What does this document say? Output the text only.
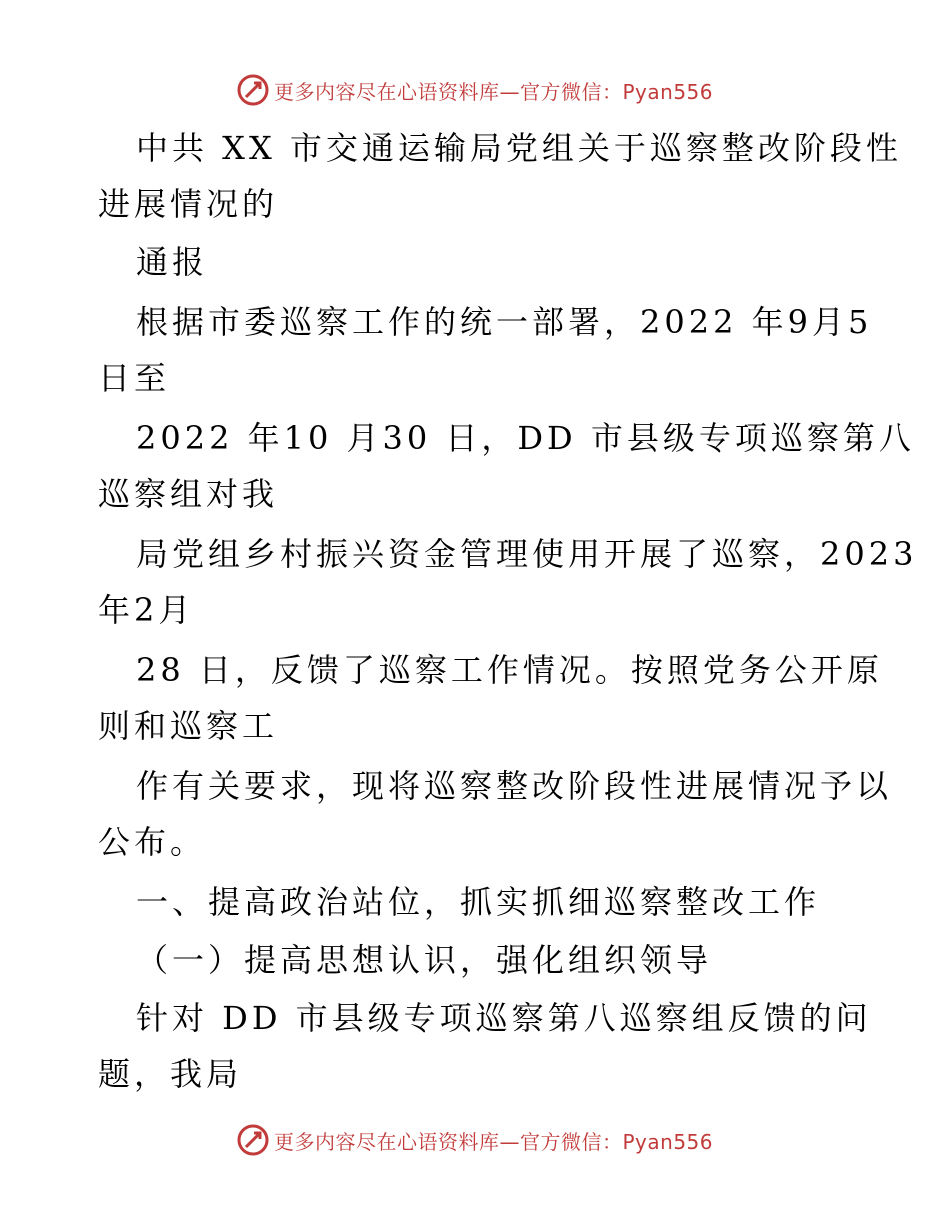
更多内容尽在心语资料库—官方微信：Pyan556
中共 XX 市交通运输局党组关于巡察整改阶段性
进展情况的
通报
根据市委巡察工作的统一部署，2022 年9月5
日至
2022 年10 月30 日，DD 市县级专项巡察第八
巡察组对我
局党组乡村振兴资金管理使用开展了巡察，2023
年2月
28 日，反馈了巡察工作情况。按照党务公开原
则和巡察工
作有关要求，现将巡察整改阶段性进展情况予以
公布。
一、提高政治站位，抓实抓细巡察整改工作
（一）提高思想认识，强化组织领导
针对 DD 市县级专项巡察第八巡察组反馈的问
题，我局
更多内容尽在心语资料库—官方微信：Pyan556
